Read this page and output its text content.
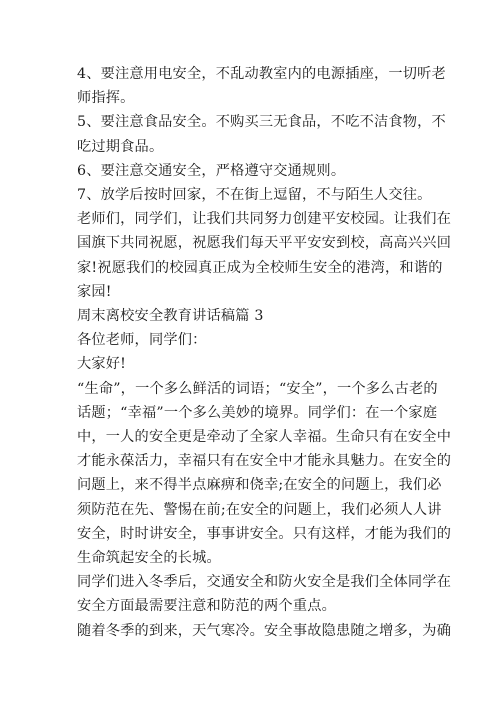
4、要注意用电安全，不乱动教室内的电源插座，一切听老
师指挥。

5、要注意食品安全。不购买三无食品，不吃不洁食物，不
吃过期食品。

6、要注意交通安全，严格遵守交通规则。

7、放学后按时回家，不在街上逗留，不与陌生人交往。

老师们，同学们，让我们共同努力创建平安校园。让我们在
国旗下共同祝愿，祝愿我们每天平平安安到校，高高兴兴回
家!祝愿我们的校园真正成为全校师生安全的港湾，和谐的
家园!

周末离校安全教育讲话稿篇 3

各位老师，同学们：

大家好!

“生命”，一个多么鲜活的词语；“安全”，一个多么古老的
话题；“幸福”一个多么美妙的境界。同学们：在一个家庭
中，一人的安全更是牵动了全家人幸福。生命只有在安全中
才能永葆活力，幸福只有在安全中才能永具魅力。在安全的
问题上，来不得半点麻痹和侥幸;在安全的问题上，我们必
须防范在先、警惕在前;在安全的问题上，我们必须人人讲
安全，时时讲安全，事事讲安全。只有这样，才能为我们的
生命筑起安全的长城。

同学们进入冬季后，交通安全和防火安全是我们全体同学在
安全方面最需要注意和防范的两个重点。

随着冬季的到来，天气寒冷。安全事故隐患随之增多，为确
